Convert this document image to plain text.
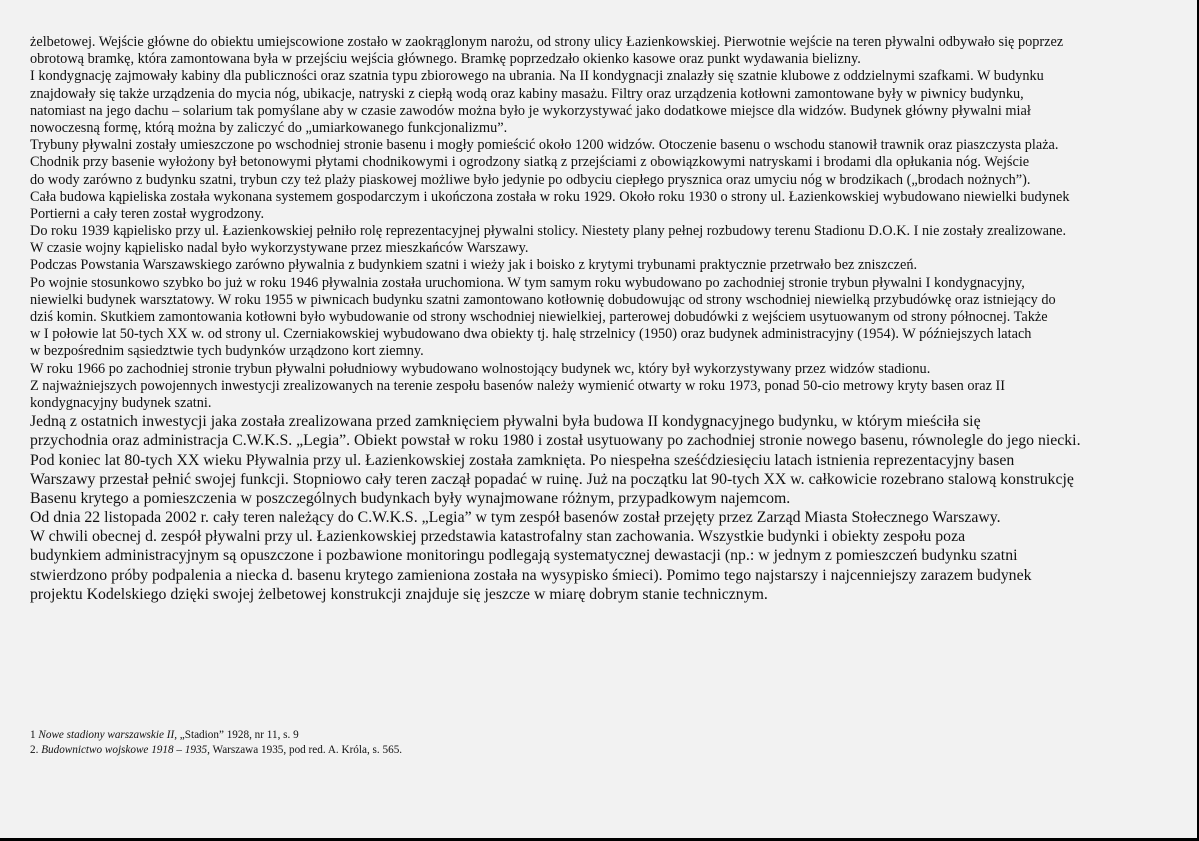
żelbetowej. Wejście główne do obiektu umiejscowione zostało w zaokrąglonym narożu, od strony ulicy Łazienkowskiej. Pierwotnie wejście na teren pływalni odbywało się poprzez
obrotową bramkę, która zamontowana była w przejściu wejścia głównego. Bramkę poprzedzało okienko kasowe oraz punkt wydawania bielizny.
I kondygnację zajmowały kabiny dla publiczności oraz szatnia typu zbiorowego na ubrania. Na II kondygnacji znalazły się szatnie klubowe z oddzielnymi szafkami. W budynku
znajdowały się także urządzenia do mycia nóg, ubikacje, natryski z ciepłą wodą oraz kabiny masażu. Filtry oraz urządzenia kotłowni zamontowane były w piwnicy budynku,
natomiast na jego dachu – solarium tak pomyślane aby w czasie zawodów można było je wykorzystywać jako dodatkowe miejsce dla widzów. Budynek główny pływalni miał
nowoczesną formę, którą można by zaliczyć do „umiarkowanego funkcjonalizmu”.
Trybuny pływalni zostały umieszczone po wschodniej stronie basenu i mogły pomieścić około 1200 widzów. Otoczenie basenu o wschodu stanowił trawnik oraz piaszczysta plaża.
Chodnik przy basenie wyłożony był betonowymi płytami chodnikowymi i ogrodzony siatką z przejściami z obowiązkowymi natryskami i brodami dla opłukania nóg. Wejście
do wody zarówno z budynku szatni, trybun czy też plaży piaskowej możliwe było jedynie po odbyciu ciepłego prysznica oraz umyciu nóg w brodzikach („brodach nożnych”).
Cała budowa kąpieliska została wykonana systemem gospodarczym i ukończona została w roku 1929. Około roku 1930 o strony ul. Łazienkowskiej wybudowano niewielki budynek
Portierni a cały teren został wygrodzony.
Do roku 1939 kąpielisko przy ul. Łazienkowskiej pełniło rolę reprezentacyjnej pływalni stolicy. Niestety plany pełnej rozbudowy terenu Stadionu D.O.K. I nie zostały zrealizowane.
W czasie wojny kąpielisko nadal było wykorzystywane przez mieszkańców Warszawy.
Podczas Powstania Warszawskiego zarówno pływalnia z budynkiem szatni i wieży jak i boisko z krytymi trybunami praktycznie przetrwało bez zniszczeń.
Po wojnie stosunkowo szybko bo już w roku 1946 pływalnia została uruchomiona. W tym samym roku wybudowano po zachodniej stronie trybun pływalni I kondygnacyjny,
niewielki budynek warsztatowy. W roku 1955 w piwnicach budynku szatni zamontowano kotłownię dobudowując od strony wschodniej niewielką przybudówkę oraz istniejący do
dziś komin. Skutkiem zamontowania kotłowni było wybudowanie od strony wschodniej niewielkiej, parterowej dobudówki z wejściem usytuowanym od strony północnej. Także
w I połowie lat 50-tych XX w. od strony ul. Czerniakowskiej wybudowano dwa obiekty tj. halę strzelnicy (1950) oraz budynek administracyjny (1954). W późniejszych latach
w bezpośrednim sąsiedztwie tych budynków urządzono kort ziemny.
W roku 1966 po zachodniej stronie trybun pływalni południowy wybudowano wolnostojący budynek wc, który był wykorzystywany przez widzów stadionu.
Z najważniejszych powojennych inwestycji zrealizowanych na terenie zespołu basenów należy wymienić otwarty w roku 1973, ponad 50-cio metrowy kryty basen oraz II
kondygnacyjny budynek szatni.
Jedną z ostatnich inwestycji jaka została zrealizowana przed zamknięciem pływalni była budowa II kondygnacyjnego budynku, w którym mieściła się
przychodnia oraz administracja C.W.K.S. „Legia”. Obiekt powstał w roku 1980 i został usytuowany po zachodniej stronie nowego basenu, równolegle do jego niecki.
Pod koniec lat 80-tych XX wieku Pływalnia przy ul. Łazienkowskiej została zamknięta. Po niespełna sześćdziesięciu latach istnienia reprezentacyjny basen
Warszawy przestał pełnić swojej funkcji. Stopniowo cały teren zaczął popadać w ruinę. Już na początku lat 90-tych XX w. całkowicie rozebrano stalową konstrukcję
Basenu krytego a pomieszczenia w poszczególnych budynkach były wynajmowane różnym, przypadkowym najemcom.
Od dnia 22 listopada 2002 r. cały teren należący do C.W.K.S. „Legia” w tym zespół basenów został przejęty przez Zarząd Miasta Stołecznego Warszawy.
W chwili obecnej d. zespół pływalni przy ul. Łazienkowskiej przedstawia katastrofalny stan zachowania. Wszystkie budynki i obiekty zespołu poza
budynkiem administracyjnym są opuszczone i pozbawione monitoringu podlegają systematycznej dewastacji (np.: w jednym z pomieszczeń budynku szatni
stwierdzono próby podpalenia a niecka d. basenu krytego zamieniona została na wysypisko śmieci). Pomimo tego najstarszy i najcenniejszy zarazem budynek
projektu Kodelskiego dzięki swojej żelbetowej konstrukcji znajduje się jeszcze w miarę dobrym stanie technicznym.
1 Nowe stadiony warszawskie II, „Stadion” 1928, nr 11, s. 9
2. Budownictwo wojskowe 1918 – 1935, Warszawa 1935, pod red. A. Króla, s. 565.
